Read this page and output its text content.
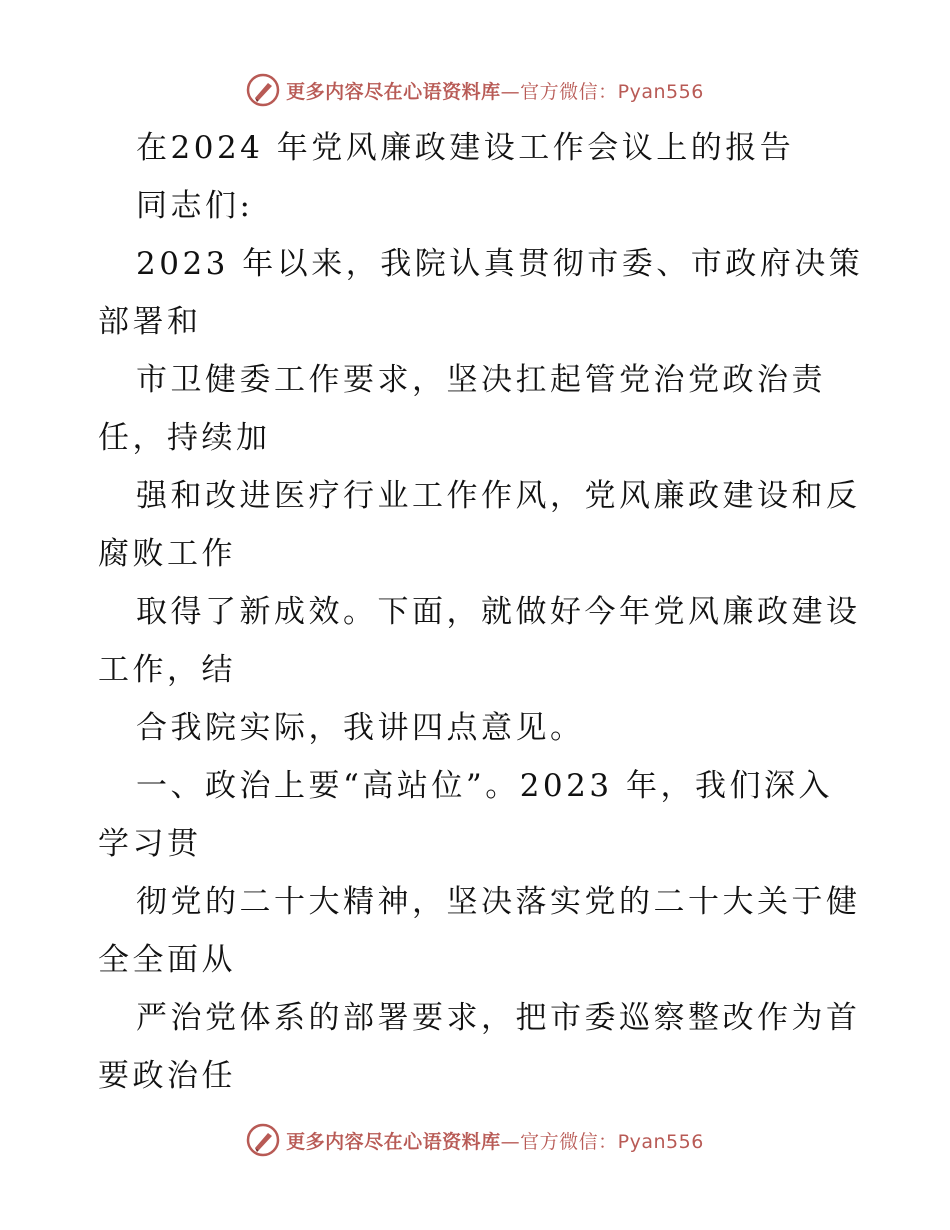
更多内容尽在心语资料库—官方微信：Pyan556
在2024 年党风廉政建设工作会议上的报告
同志们:
2023 年以来，我院认真贯彻市委、市政府决策
部署和
市卫健委工作要求，坚决扛起管党治党政治责
任，持续加
强和改进医疗行业工作作风，党风廉政建设和反
腐败工作
取得了新成效。下面，就做好今年党风廉政建设
工作，结
合我院实际，我讲四点意见。
一、政治上要“高站位”。2023 年，我们深入
学习贯
彻党的二十大精神，坚决落实党的二十大关于健
全全面从
严治党体系的部署要求，把市委巡察整改作为首
要政治任
更多内容尽在心语资料库—官方微信：Pyan556
